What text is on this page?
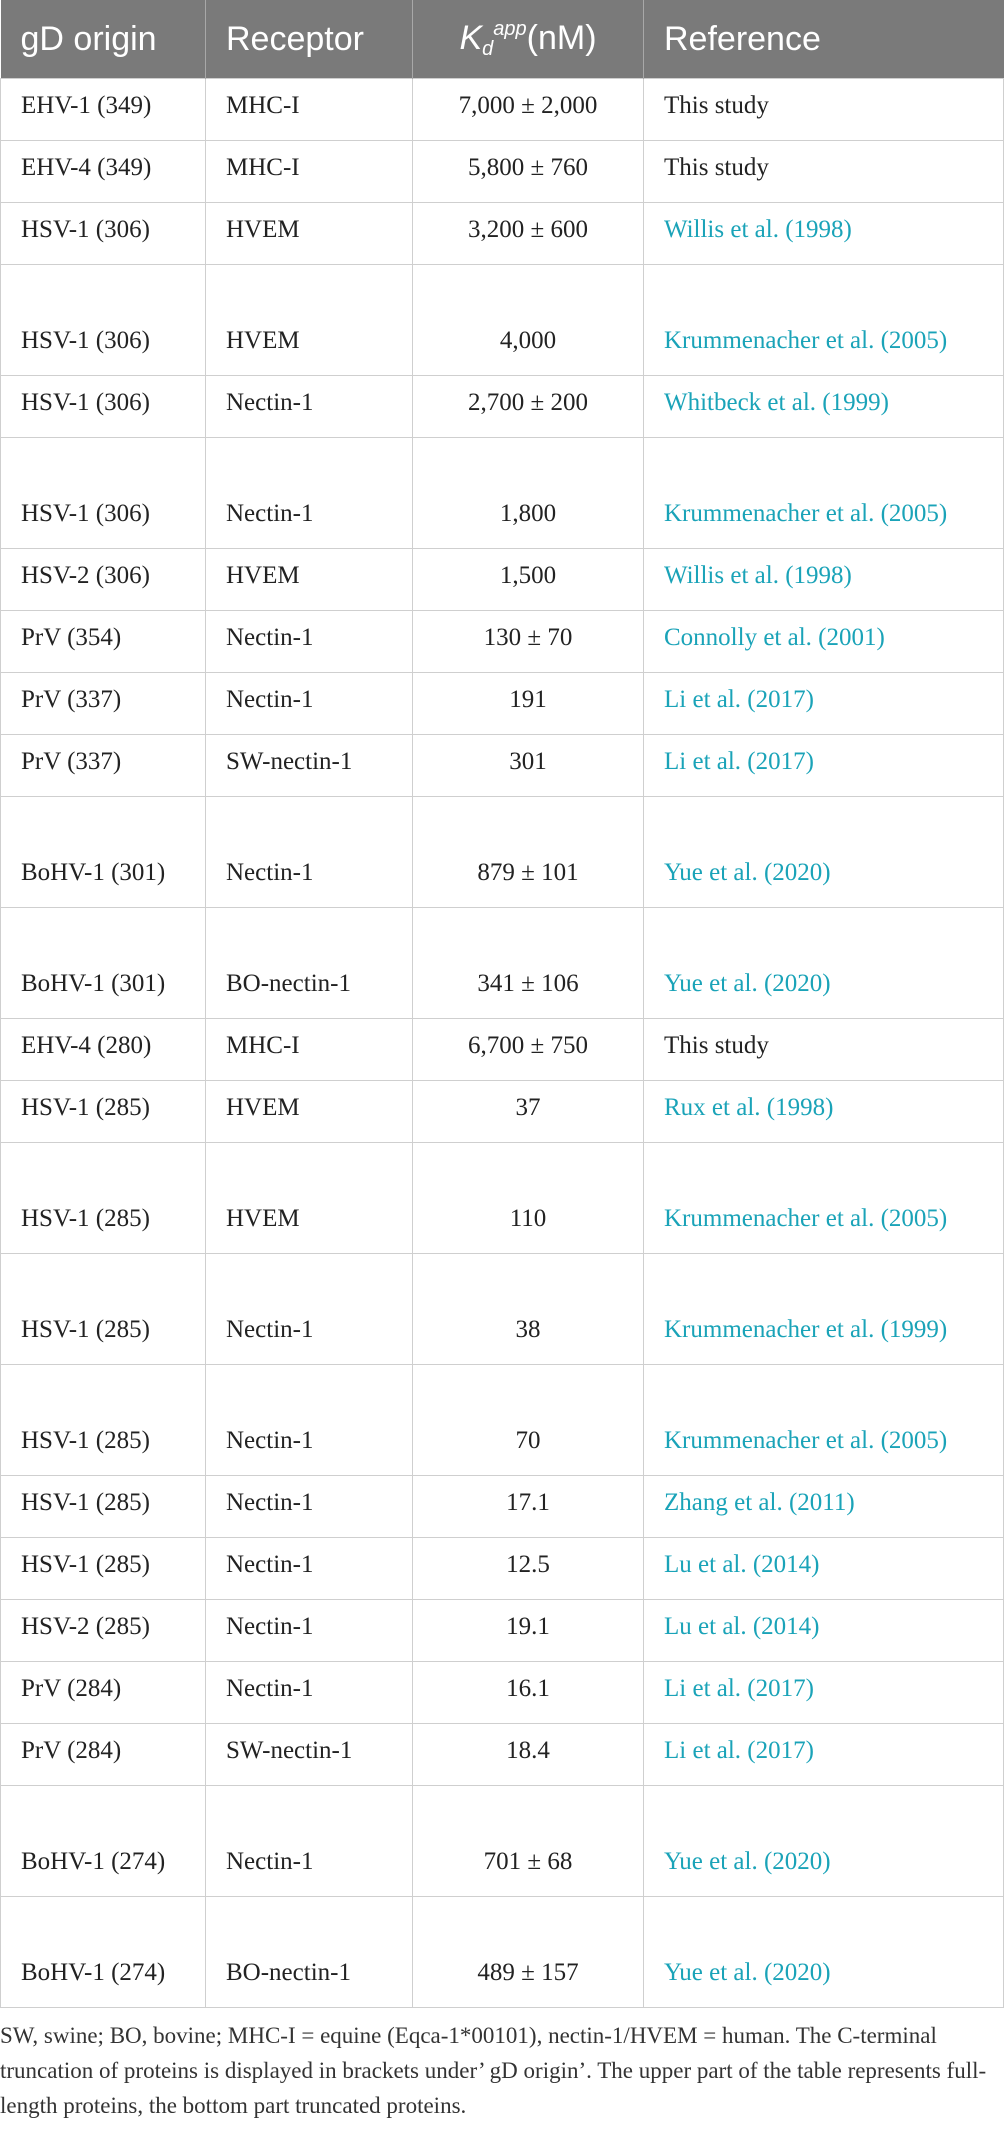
gD origin	Receptor	$Kd^{app}(nM)$	Reference
EHV-1 (349)	MHC-I	7,000 ± 2,000	This study
EHV-4 (349)	MHC-I	5,800 ± 760	This study
HSV-1 (306)	HVEM	3,200 ± 600	Willis et al. (1998)
HSV-1 (306)	HVEM	4,000	Krummenacher et al. (2005)
HSV-1 (306)	Nectin-1	2,700 ± 200	Whitbeck et al. (1999)
HSV-1 (306)	Nectin-1	1,800	Krummenacher et al. (2005)
HSV-2 (306)	HVEM	1,500	Willis et al. (1998)
PrV (354)	Nectin-1	130 ± 70	Connolly et al. (2001)
PrV (337)	Nectin-1	191	Li et al. (2017)
PrV (337)	SW-nectin-1	301	Li et al. (2017)
BoHV-1 (301)	Nectin-1	879 ± 101	Yue et al. (2020)
BoHV-1 (301)	BO-nectin-1	341 ± 106	Yue et al. (2020)
EHV-4 (280)	MHC-I	6,700 ± 750	This study
HSV-1 (285)	HVEM	37	Rux et al. (1998)
HSV-1 (285)	HVEM	110	Krummenacher et al. (2005)
HSV-1 (285)	Nectin-1	38	Krummenacher et al. (1999)
HSV-1 (285)	Nectin-1	70	Krummenacher et al. (2005)
HSV-1 (285)	Nectin-1	17.1	Zhang et al. (2011)
HSV-1 (285)	Nectin-1	12.5	Lu et al. (2014)
HSV-2 (285)	Nectin-1	19.1	Lu et al. (2014)
PrV (284)	Nectin-1	16.1	Li et al. (2017)
PrV (284)	SW-nectin-1	18.4	Li et al. (2017)
BoHV-1 (274)	Nectin-1	701 ± 68	Yue et al. (2020)
BoHV-1 (274)	BO-nectin-1	489 ± 157	Yue et al. (2020)
SW, swine; BO, bovine; MHC-I = equine (Eqca-1*00101), nectin-1/HVEM = human. The C-terminal truncation of proteins is displayed in brackets under’ gD origin’. The upper part of the table represents full-length proteins, the bottom part truncated proteins.
